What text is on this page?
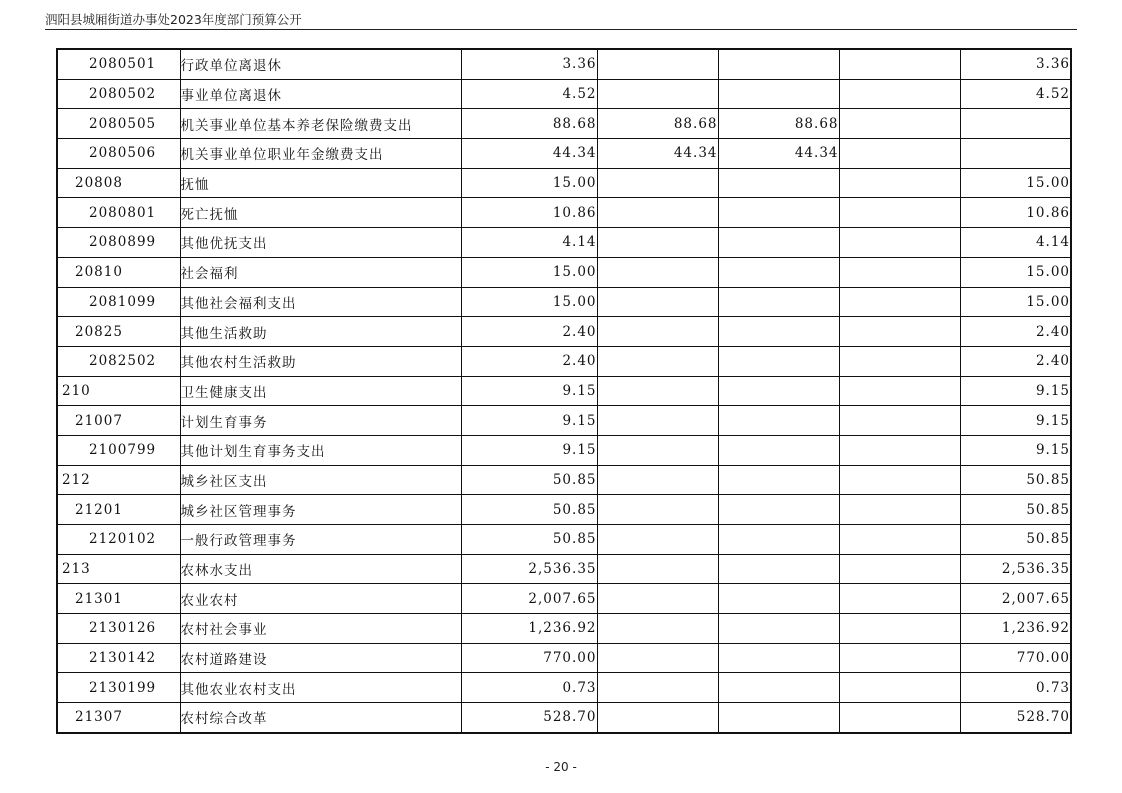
泗阳县城厢街道办事处2023年度部门预算公开
2080501	行政单位离退休	3.36				3.36
2080502	事业单位离退休	4.52				4.52
2080505	机关事业单位基本养老保险缴费支出	88.68	88.68	88.68		
2080506	机关事业单位职业年金缴费支出	44.34	44.34	44.34		
20808	抚恤	15.00				15.00
2080801	死亡抚恤	10.86				10.86
2080899	其他优抚支出	4.14				4.14
20810	社会福利	15.00				15.00
2081099	其他社会福利支出	15.00				15.00
20825	其他生活救助	2.40				2.40
2082502	其他农村生活救助	2.40				2.40
210	卫生健康支出	9.15				9.15
21007	计划生育事务	9.15				9.15
2100799	其他计划生育事务支出	9.15				9.15
212	城乡社区支出	50.85				50.85
21201	城乡社区管理事务	50.85				50.85
2120102	一般行政管理事务	50.85				50.85
213	农林水支出	2,536.35				2,536.35
21301	农业农村	2,007.65				2,007.65
2130126	农村社会事业	1,236.92				1,236.92
2130142	农村道路建设	770.00				770.00
2130199	其他农业农村支出	0.73				0.73
21307	农村综合改革	528.70				528.70
- 20 -
